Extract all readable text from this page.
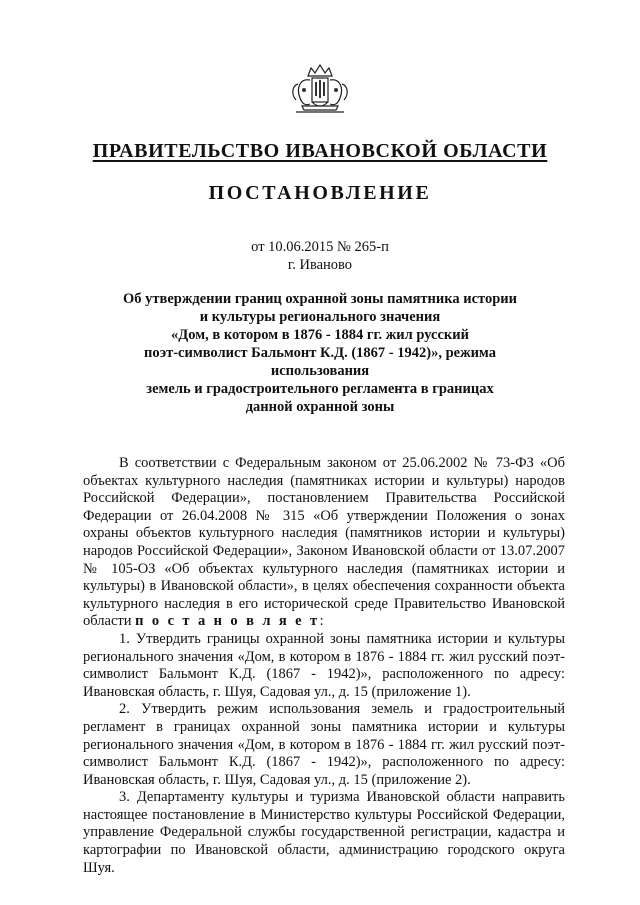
ПРАВИТЕЛЬСТВО ИВАНОВСКОЙ ОБЛАСТИ
ПОСТАНОВЛЕНИЕ
от 10.06.2015 № 265-п
г. Иваново
Об утверждении границ охранной зоны памятника истории
и культуры регионального значения
«Дом, в котором в 1876 - 1884 гг. жил русский
поэт-символист Бальмонт К.Д. (1867 - 1942)», режима использования
земель и градостроительного регламента в границах
данной охранной зоны

В соответствии с Федеральным законом от 25.06.2002 № 73-ФЗ «Об объектах культурного наследия (памятниках истории и культуры) народов Российской Федерации», постановлением Правительства Российской Федерации от 26.04.2008 № 315 «Об утверждении Положения о зонах охраны объектов культурного наследия (памятников истории и культуры) народов Российской Федерации», Законом Ивановской области от 13.07.2007 № 105-ОЗ «Об объектах культурного наследия (памятниках истории и культуры) в Ивановской области», в целях обеспечения сохранности объекта культурного наследия в его исторической среде Правительство Ивановской области п о с т а н о в л я е т:

1. Утвердить границы охранной зоны памятника истории и культуры регионального значения «Дом, в котором в 1876 - 1884 гг. жил русский поэт-символист Бальмонт К.Д. (1867 - 1942)», расположенного по адресу: Ивановская область, г. Шуя, Садовая ул., д. 15 (приложение 1).

2. Утвердить режим использования земель и градостроительный регламент в границах охранной зоны памятника истории и культуры регионального значения «Дом, в котором в 1876 - 1884 гг. жил русский поэт-символист Бальмонт К.Д. (1867 - 1942)», расположенного по адресу: Ивановская область, г. Шуя, Садовая ул., д. 15 (приложение 2).

3. Департаменту культуры и туризма Ивановской области направить настоящее постановление в Министерство культуры Российской Федерации, управление Федеральной службы государственной регистрации, кадастра и картографии по Ивановской области, администрацию городского округа Шуя.
